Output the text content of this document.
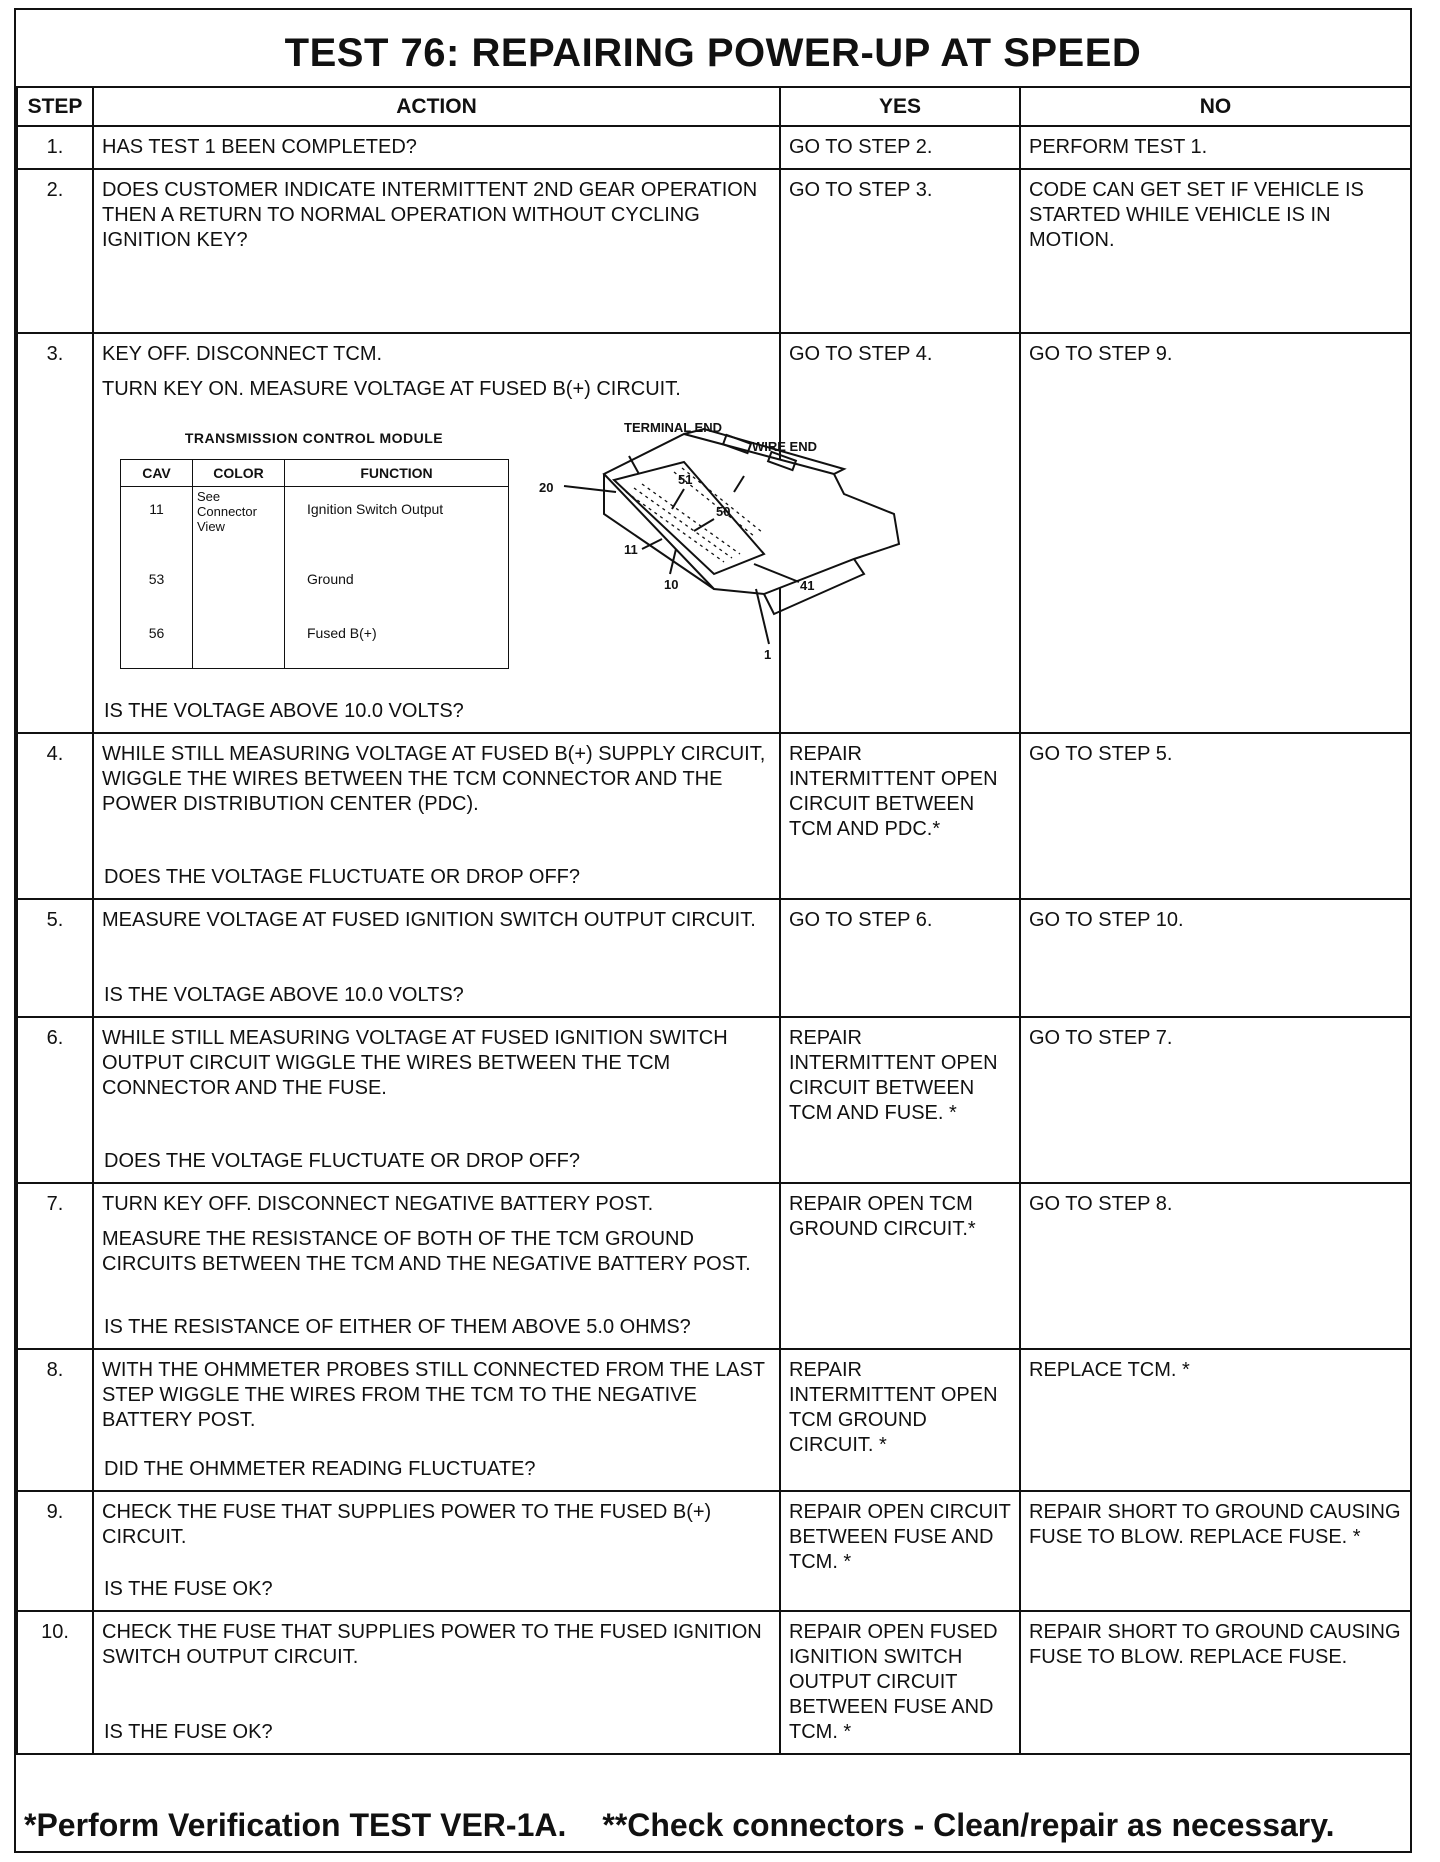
TEST 76: REPAIRING POWER-UP AT SPEED
STEP	ACTION	YES	NO
1.	HAS TEST 1 BEEN COMPLETED?	GO TO STEP 2.	PERFORM TEST 1.
2.	DOES CUSTOMER INDICATE INTERMITTENT 2ND GEAR OPERATION THEN A RETURN TO NORMAL OPERATION WITHOUT CYCLING IGNITION KEY?
	GO TO STEP 3.	CODE CAN GET SET IF VEHICLE IS STARTED WHILE VEHICLE IS IN MOTION.
3.	KEY OFF. DISCONNECT TCM.
TURN KEY ON. MEASURE VOLTAGE AT FUSED B(+) CIRCUIT.
TRANSMISSION CONTROL MODULE
CAV	COLOR	FUNCTION
11	See Connector View	Ignition Switch Output
53		Ground
56		Fused B(+)
TERMINAL END
WIRE END
20
51
50
11
10	41
1
IS THE VOLTAGE ABOVE 10.0 VOLTS?
	GO TO STEP 4.	GO TO STEP 9.
4.	WHILE STILL MEASURING VOLTAGE AT FUSED B(+) SUPPLY CIRCUIT, WIGGLE THE WIRES BETWEEN THE TCM CONNECTOR AND THE POWER DISTRIBUTION CENTER (PDC).
DOES THE VOLTAGE FLUCTUATE OR DROP OFF?
	REPAIR INTERMITTENT OPEN CIRCUIT BETWEEN TCM AND PDC.*	GO TO STEP 5.
5.	MEASURE VOLTAGE AT FUSED IGNITION SWITCH OUTPUT CIRCUIT.
IS THE VOLTAGE ABOVE 10.0 VOLTS?
	GO TO STEP 6.	GO TO STEP 10.
6.	WHILE STILL MEASURING VOLTAGE AT FUSED IGNITION SWITCH OUTPUT CIRCUIT WIGGLE THE WIRES BETWEEN THE TCM CONNECTOR AND THE FUSE.
DOES THE VOLTAGE FLUCTUATE OR DROP OFF?
	REPAIR INTERMITTENT OPEN CIRCUIT BETWEEN TCM AND FUSE. *	GO TO STEP 7.
7.	TURN KEY OFF. DISCONNECT NEGATIVE BATTERY POST.
MEASURE THE RESISTANCE OF BOTH OF THE TCM GROUND CIRCUITS BETWEEN THE TCM AND THE NEGATIVE BATTERY POST.
IS THE RESISTANCE OF EITHER OF THEM ABOVE 5.0 OHMS?
	REPAIR OPEN TCM GROUND CIRCUIT.*	GO TO STEP 8.
8.	WITH THE OHMMETER PROBES STILL CONNECTED FROM THE LAST STEP WIGGLE THE WIRES FROM THE TCM TO THE NEGATIVE BATTERY POST.
DID THE OHMMETER READING FLUCTUATE?
	REPAIR INTERMITTENT OPEN TCM GROUND CIRCUIT. *	REPLACE TCM. *
9.	CHECK THE FUSE THAT SUPPLIES POWER TO THE FUSED B(+) CIRCUIT.
IS THE FUSE OK?
	REPAIR OPEN CIRCUIT BETWEEN FUSE AND TCM. *	REPAIR SHORT TO GROUND CAUSING FUSE TO BLOW. REPLACE FUSE. *
10.	CHECK THE FUSE THAT SUPPLIES POWER TO THE FUSED IGNITION SWITCH OUTPUT CIRCUIT.
IS THE FUSE OK?
	REPAIR OPEN FUSED IGNITION SWITCH OUTPUT CIRCUIT BETWEEN FUSE AND TCM. *	REPAIR SHORT TO GROUND CAUSING FUSE TO BLOW. REPLACE FUSE.
*Perform Verification TEST VER-1A. **Check connectors - Clean/repair as necessary.
